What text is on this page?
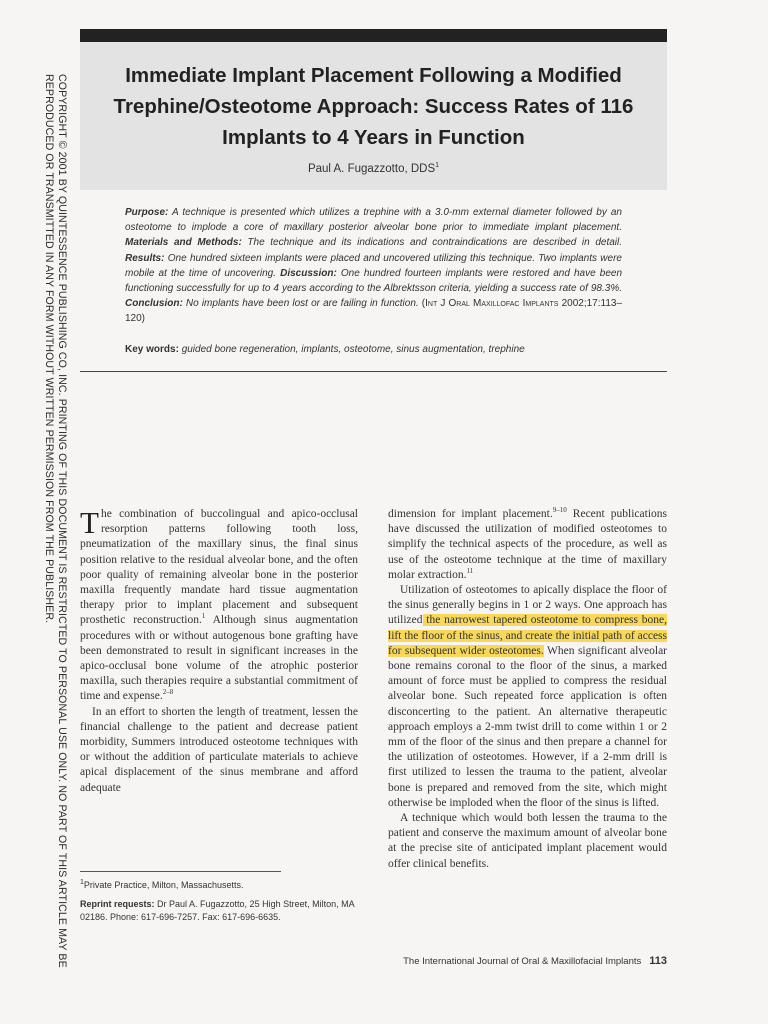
COPYRIGHT © 2001 BY QUINTESSENCE PUBLISHING CO, INC. PRINTING OF THIS DOCUMENT IS RESTRICTED TO PERSONAL USE ONLY. NO PART OF THIS ARTICLE MAY BE
REPRODUCED OR TRANSMITTED IN ANY FORM WITHOUT WRITTEN PERMISSION FROM THE PUBLISHER.	Immediate Implant Placement Following a Modified Trephine/Osteotome Approach: Success Rates of 116 Implants to 4 Years in Function
Paul A. Fugazzotto, DDS$^1$
Purpose: A technique is presented which utilizes a trephine with a 3.0-mm external diameter followed by an osteotome to implode a core of maxillary posterior alveolar bone prior to immediate implant placement. Materials and Methods: The technique and its indications and contraindications are described in detail. Results: One hundred sixteen implants were placed and uncovered utilizing this technique. Two implants were mobile at the time of uncovering. Discussion: One hundred fourteen implants were restored and have been functioning successfully for up to 4 years according to the Albrektsson criteria, yielding a success rate of 98.3%. Conclusion: No implants have been lost or are failing in function. (Int J Oral Maxillofac Implants 2002;17:113–120)
Key words: guided bone regeneration, implants, osteotome, sinus augmentation, trephine

The combination of buccolingual and apico-occlusal resorption patterns following tooth loss, pneumatization of the maxillary sinus, the final sinus position relative to the residual alveolar bone, and the often poor quality of remaining alveolar bone in the posterior maxilla frequently mandate hard tissue augmentation therapy prior to implant placement and subsequent prosthetic reconstruction.$^1$ Although sinus augmentation procedures with or without autogenous bone grafting have been demonstrated to result in significant increases in the apico-occlusal bone volume of the atrophic posterior maxilla, such therapies require a substantial commitment of time and expense.$^{2-8}$

In an effort to shorten the length of treatment, lessen the financial challenge to the patient and decrease patient morbidity, Summers introduced osteotome techniques with or without the addition of particulate materials to achieve apical displacement of the sinus membrane and afford adequate

dimension for implant placement.$^{9-10}$ Recent publications have discussed the utilization of modified osteotomes to simplify the technical aspects of the procedure, as well as use of the osteotome technique at the time of maxillary molar extraction.$^{11}$

Utilization of osteotomes to apically displace the floor of the sinus generally begins in 1 or 2 ways. One approach has utilized the narrowest tapered osteotome to compress bone, lift the floor of the sinus, and create the initial path of access for subsequent wider osteotomes. When significant alveolar bone remains coronal to the floor of the sinus, a marked amount of force must be applied to compress the residual alveolar bone. Such repeated force application is often disconcerting to the patient. An alternative therapeutic approach employs a 2-mm twist drill to come within 1 or 2 mm of the floor of the sinus and then prepare a channel for the utilization of osteotomes. However, if a 2-mm drill is first utilized to lessen the trauma to the patient, alveolar bone is prepared and removed from the site, which might otherwise be imploded when the floor of the sinus is lifted.

A technique which would both lessen the trauma to the patient and conserve the maximum amount of alveolar bone at the precise site of anticipated implant placement would offer clinical benefits.

$^1$Private Practice, Milton, Massachusetts.

Reprint requests: Dr Paul A. Fugazzotto, 25 High Street, Milton, MA 02186. Phone: 617-696-7257. Fax: 617-696-6635.

The International Journal of Oral & Maxillofacial Implants 113
